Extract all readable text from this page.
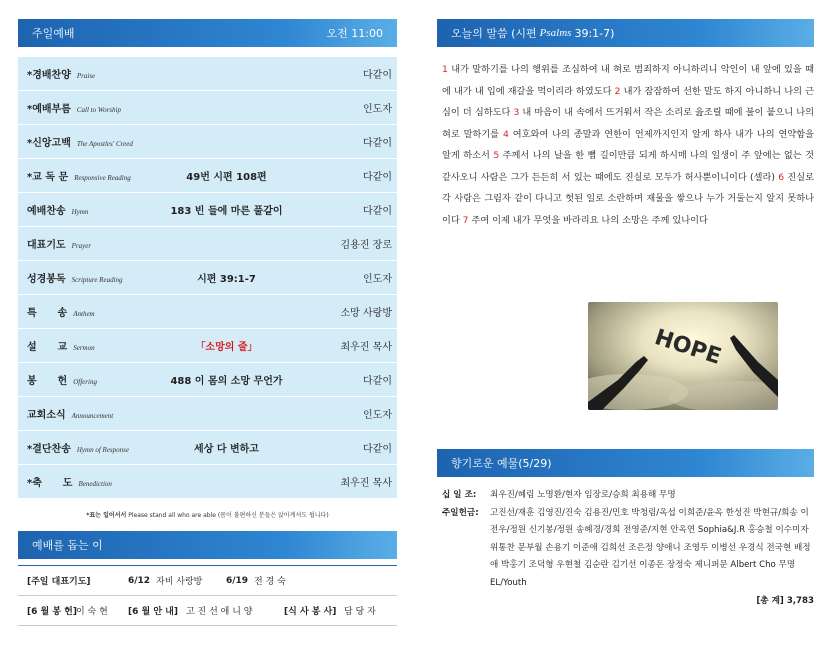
주일예배	오전 11:00
*경배찬양 Praise	다같이
*예배부름 Call to Worship	인도자
*신앙고백 The Apostles' Creed	다같이
*교 독 문 Responsive Reading	49번 시편 108편	다같이
예배찬송 Hymn	183 빈 들에 마른 풀같이	다같이
대표기도 Prayer	김용진 장로
성경봉독 Scripture Reading	시편 39:1-7	인도자
특      송 Anthem	소망 사랑방
설      교 Sermon	「소망의 줄」	최우진 목사
봉      헌 Offering	488 이 몸의 소망 무언가	다같이
교회소식 Announcement	인도자
*결단찬송 Hymn of Response	세상 다 변하고	다같이
*축      도 Benediction	최우진 목사
*표는 일어서서 Please stand all who are able (몸이 불편하신 분들은 앉아계셔도 됩니다)
예배를 돕는 이
[주일 대표기도]	6/12 자비 사랑방	6/19 전 경 숙
[6 월 봉 헌] 이 숙 현	[6 월 안 내] 고 진 선 애 니 양	[식 사 봉 사] 담 당 자
오늘의 말씀 (시편 Psalms 39:1-7)
1 내가 말하기를 나의 행위를 조심하여 내 혀로 범죄하지 아니하리니 악인이 내 앞에 있을 때에 내가 내 입에 재갈을 먹이리라 하였도다 2 내가 잠잠하여 선한 말도 하지 아니하니 나의 근심이 더 심하도다 3 내 마음이 내 속에서 뜨거워서 작은 소리로 읊조릴 때에 불이 붙으니 나의 혀로 말하기를 4 여호와여 나의 종말과 연한이 언제까지인지 알게 하사 내가 나의 연약함을 알게 하소서 5 주께서 나의 날을 한 뼘 길이만큼 되게 하시매 나의 일생이 주 앞에는 없는 것 같사오니 사람은 그가 든든히 서 있는 때에도 진실로 모두가 허사뿐이니이다 (셀라) 6 진실로 각 사람은 그림자 같이 다니고 헛된 일로 소란하며 재물을 쌓으나 누가 거둘는지 알지 못하나이다 7 주여 이제 내가 무엇을 바라리요 나의 소망은 주께 있나이다
HOPE
향기로운 예물(5/29)
십 일 조:	최우진/혜림 노명환/현자 임장로/승희 최용해 무명
주일헌금:	고진선/재훈 김영진/진숙 김용진/민호 박청림/옥섭 이희준/윤옥 한성진 박현규/희송 이전우/정원 신기봉/정원 송혜경/경희 전영준/지현 안옥연 Sophia&J.R 홍승철 이수미자 위통찬 문부월 손용기 이준애 김희선 조은정 양애니 조영두 이병선 우경식 전국현 배정애 박홍기 조덕형 우현철 김순란 김기선 이종돈 장정숙 제니퍼문 Albert Cho 무명 EL/Youth
[총 계] 3,783
